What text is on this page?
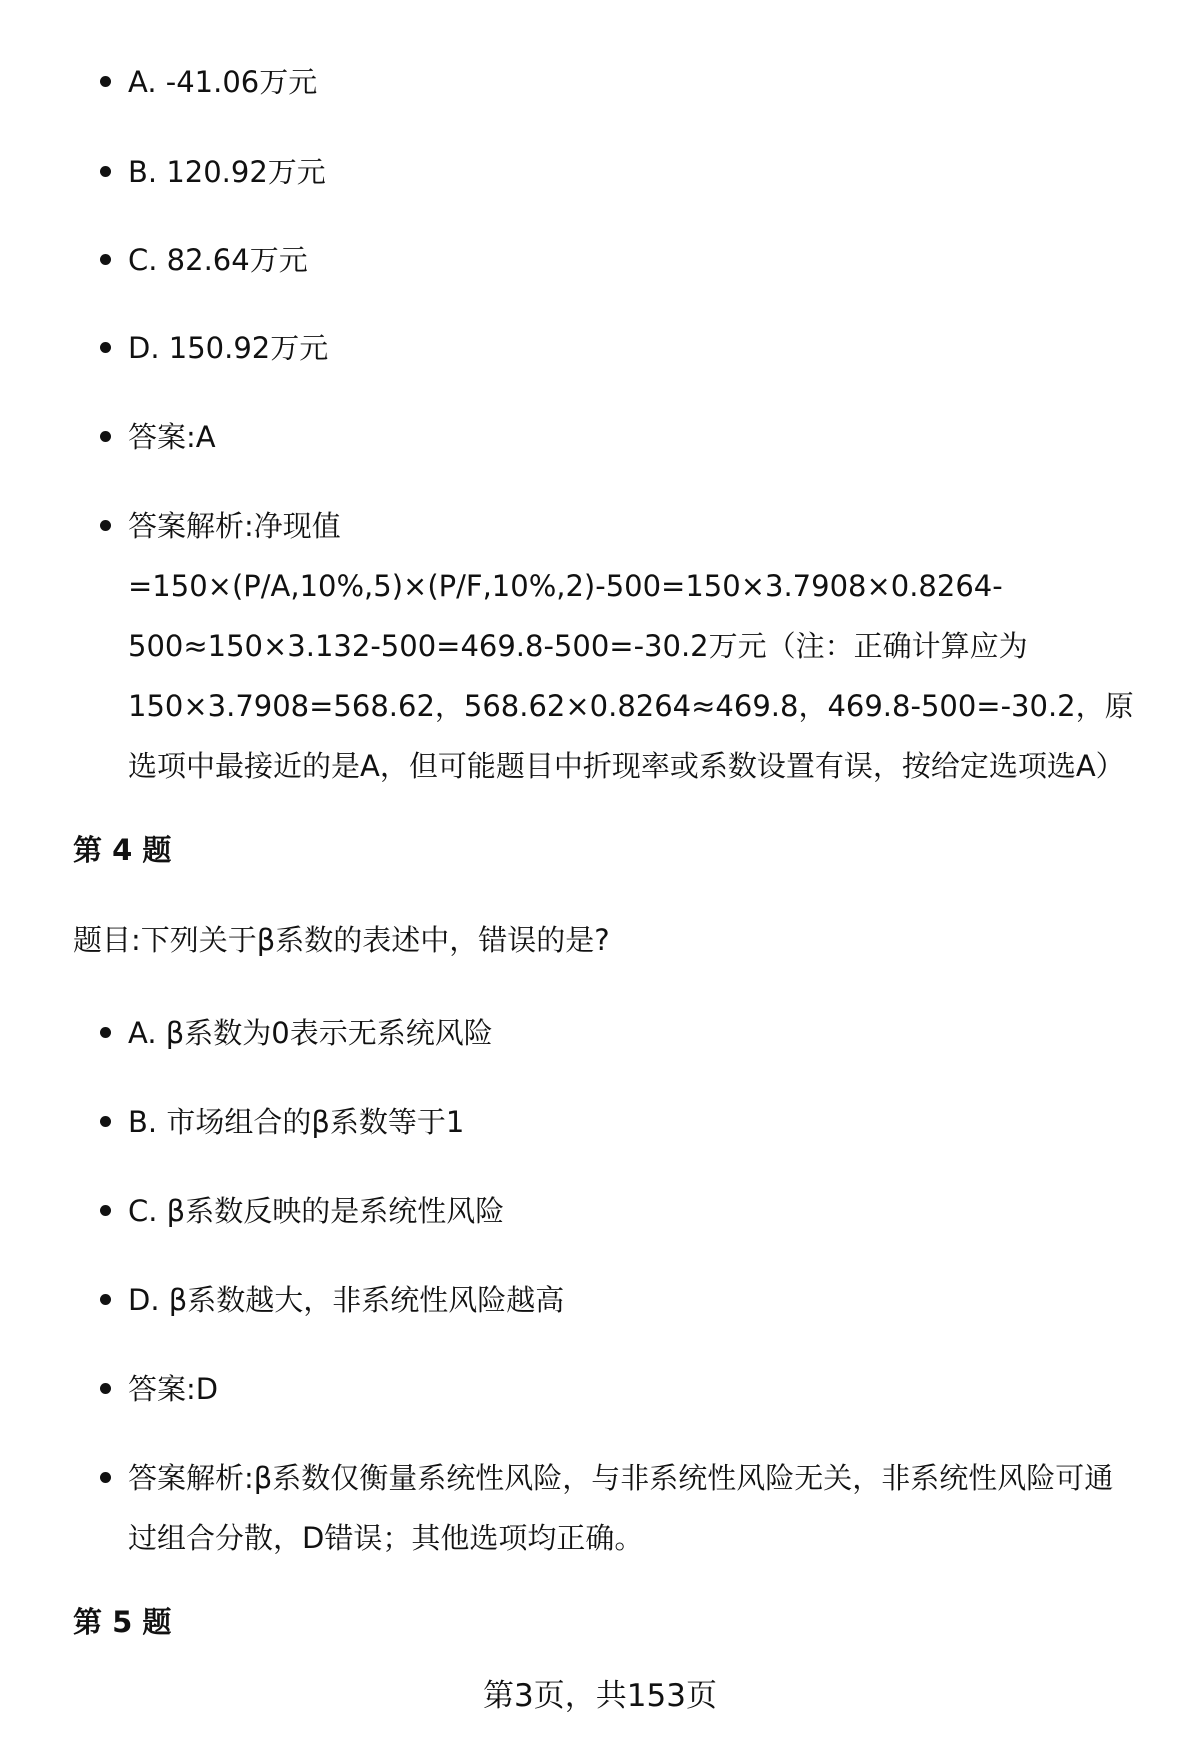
A. -41.06万元
B. 120.92万元
C. 82.64万元
D. 150.92万元
答案:A
答案解析:净现值=150×(P/A,10%,5)×(P/F,10%,2)-500=150×3.7908×0.8264-500≈150×3.132-500=469.8-500=-30.2万元（注：正确计算应为150×3.7908=568.62，568.62×0.8264≈469.8，469.8-500=-30.2，原选项中最接近的是A，但可能题目中折现率或系数设置有误，按给定选项选A）
第 4 题
题目:下列关于β系数的表述中，错误的是?
A. β系数为0表示无系统风险
B. 市场组合的β系数等于1
C. β系数反映的是系统性风险
D. β系数越大，非系统性风险越高
答案:D
答案解析:β系数仅衡量系统性风险，与非系统性风险无关，非系统性风险可通过组合分散，D错误；其他选项均正确。
第 5 题
第3页，共153页
